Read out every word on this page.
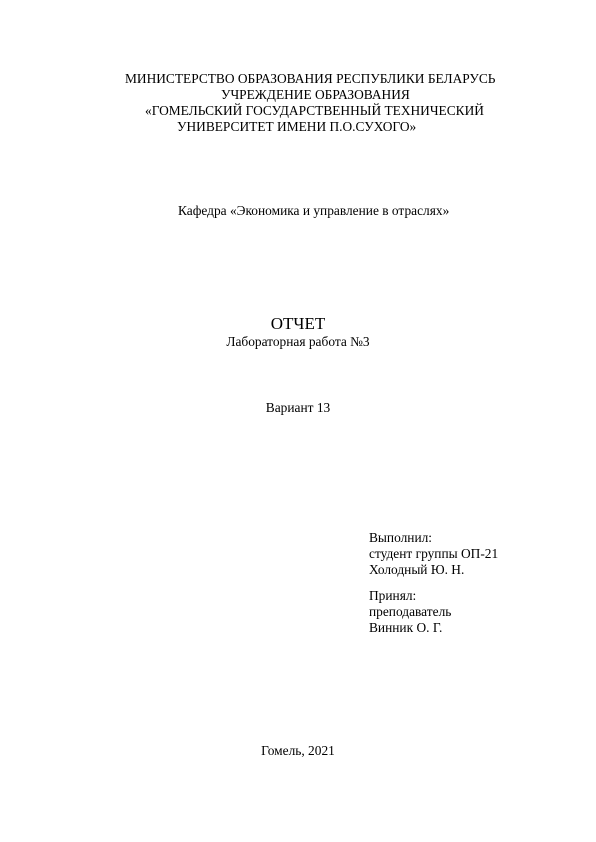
МИНИСТЕРСТВО ОБРАЗОВАНИЯ РЕСПУБЛИКИ БЕЛАРУСЬ

УЧРЕЖДЕНИЕ ОБРАЗОВАНИЯ

«ГОМЕЛЬСКИЙ ГОСУДАРСТВЕННЫЙ ТЕХНИЧЕСКИЙ

УНИВЕРСИТЕТ ИМЕНИ П.О.СУХОГО»

Кафедра «Экономика и управление в отраслях»

ОТЧЕТ

Лабораторная работа №3

Вариант 13

Выполнил:

студент группы ОП-21

Холодный Ю. Н.

Принял:

преподаватель

Винник О. Г.

Гомель, 2021
